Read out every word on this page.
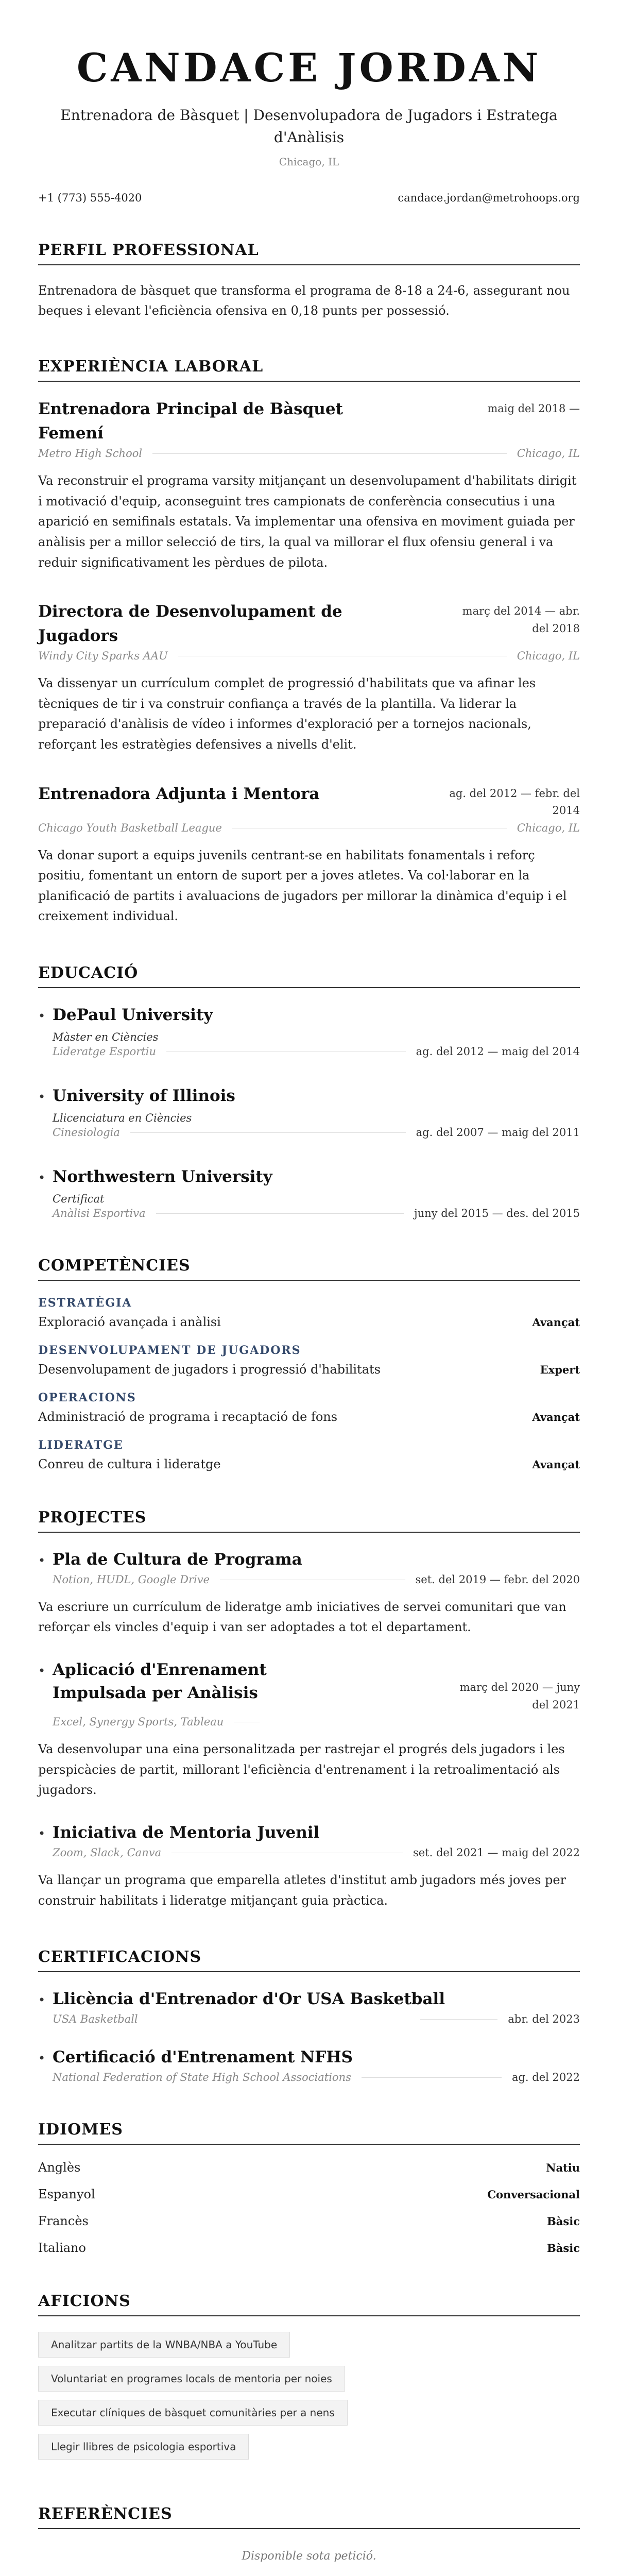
CANDACE JORDAN
Entrenadora de Bàsquet | Desenvolupadora de Jugadors i Estratega d'Anàlisis
Chicago, IL
+1 (773) 555-4020	candace.jordan@metrohoops.org
PERFIL PROFESSIONAL
Entrenadora de bàsquet que transforma el programa de 8-18 a 24-6, assegurant nou beques i elevant l'eficiència ofensiva en 0,18 punts per possessió.
EXPERIÈNCIA LABORAL
Entrenadora Principal de Bàsquet Femení
maig del 2018 —
Metro High School	Chicago, IL
Va reconstruir el programa varsity mitjançant un desenvolupament d'habilitats dirigit i motivació d'equip, aconseguint tres campionats de conferència consecutius i una aparició en semifinals estatals. Va implementar una ofensiva en moviment guiada per anàlisis per a millor selecció de tirs, la qual va millorar el flux ofensiu general i va reduir significativament les pèrdues de pilota.
Directora de Desenvolupament de Jugadors
març del 2014 — abr. del 2018
Windy City Sparks AAU	Chicago, IL
Va dissenyar un currículum complet de progressió d'habilitats que va afinar les tècniques de tir i va construir confiança a través de la plantilla. Va liderar la preparació d'anàlisis de vídeo i informes d'exploració per a tornejos nacionals, reforçant les estratègies defensives a nivells d'elit.
Entrenadora Adjunta i Mentora	ag. del 2012 — febr. del 2014
Chicago Youth Basketball League	Chicago, IL
Va donar suport a equips juvenils centrant-se en habilitats fonamentals i reforç positiu, fomentant un entorn de suport per a joves atletes. Va col·laborar en la planificació de partits i avaluacions de jugadors per millorar la dinàmica d'equip i el creixement individual.
EDUCACIÓ
• DePaul University
Màster en Ciències
Lideratge Esportiu	ag. del 2012 — maig del 2014
• University of Illinois
Llicenciatura en Ciències
Cinesiologia	ag. del 2007 — maig del 2011
• Northwestern University
Certificat
Anàlisi Esportiva	juny del 2015 — des. del 2015
COMPETÈNCIES
ESTRATÈGIA
Exploració avançada i anàlisi	Avançat
DESENVOLUPAMENT DE JUGADORS
Desenvolupament de jugadors i progressió d'habilitats	Expert
OPERACIONS
Administració de programa i recaptació de fons	Avançat
LIDERATGE
Conreu de cultura i lideratge	Avançat
PROJECTES
• Pla de Cultura de Programa
Notion, HUDL, Google Drive	set. del 2019 — febr. del 2020
Va escriure un currículum de lideratge amb iniciatives de servei comunitari que van reforçar els vincles d'equip i van ser adoptades a tot el departament.
• Aplicació d'Enrenament Impulsada per Anàlisis	març del 2020 — juny del 2021
Excel, Synergy Sports, Tableau
Va desenvolupar una eina personalitzada per rastrejar el progrés dels jugadors i les perspicàcies de partit, millorant l'eficiència d'entrenament i la retroalimentació als jugadors.
• Iniciativa de Mentoria Juvenil
Zoom, Slack, Canva	set. del 2021 — maig del 2022
Va llançar un programa que emparella atletes d'institut amb jugadors més joves per construir habilitats i lideratge mitjançant guia pràctica.
CERTIFICACIONS
• Llicència d'Entrenador d'Or USA Basketball
USA Basketball	abr. del 2023
• Certificació d'Entrenament NFHS
National Federation of State High School Associations	ag. del 2022
IDIOMES
Anglès	Natiu
Espanyol	Conversacional
Francès	Bàsic
Italiano	Bàsic
AFICIONS
Analitzar partits de la WNBA/NBA a YouTube
Voluntariat en programes locals de mentoria per noies
Executar clíniques de bàsquet comunitàries per a nens
Llegir llibres de psicologia esportiva
REFERÈNCIES
Disponible sota petició.
